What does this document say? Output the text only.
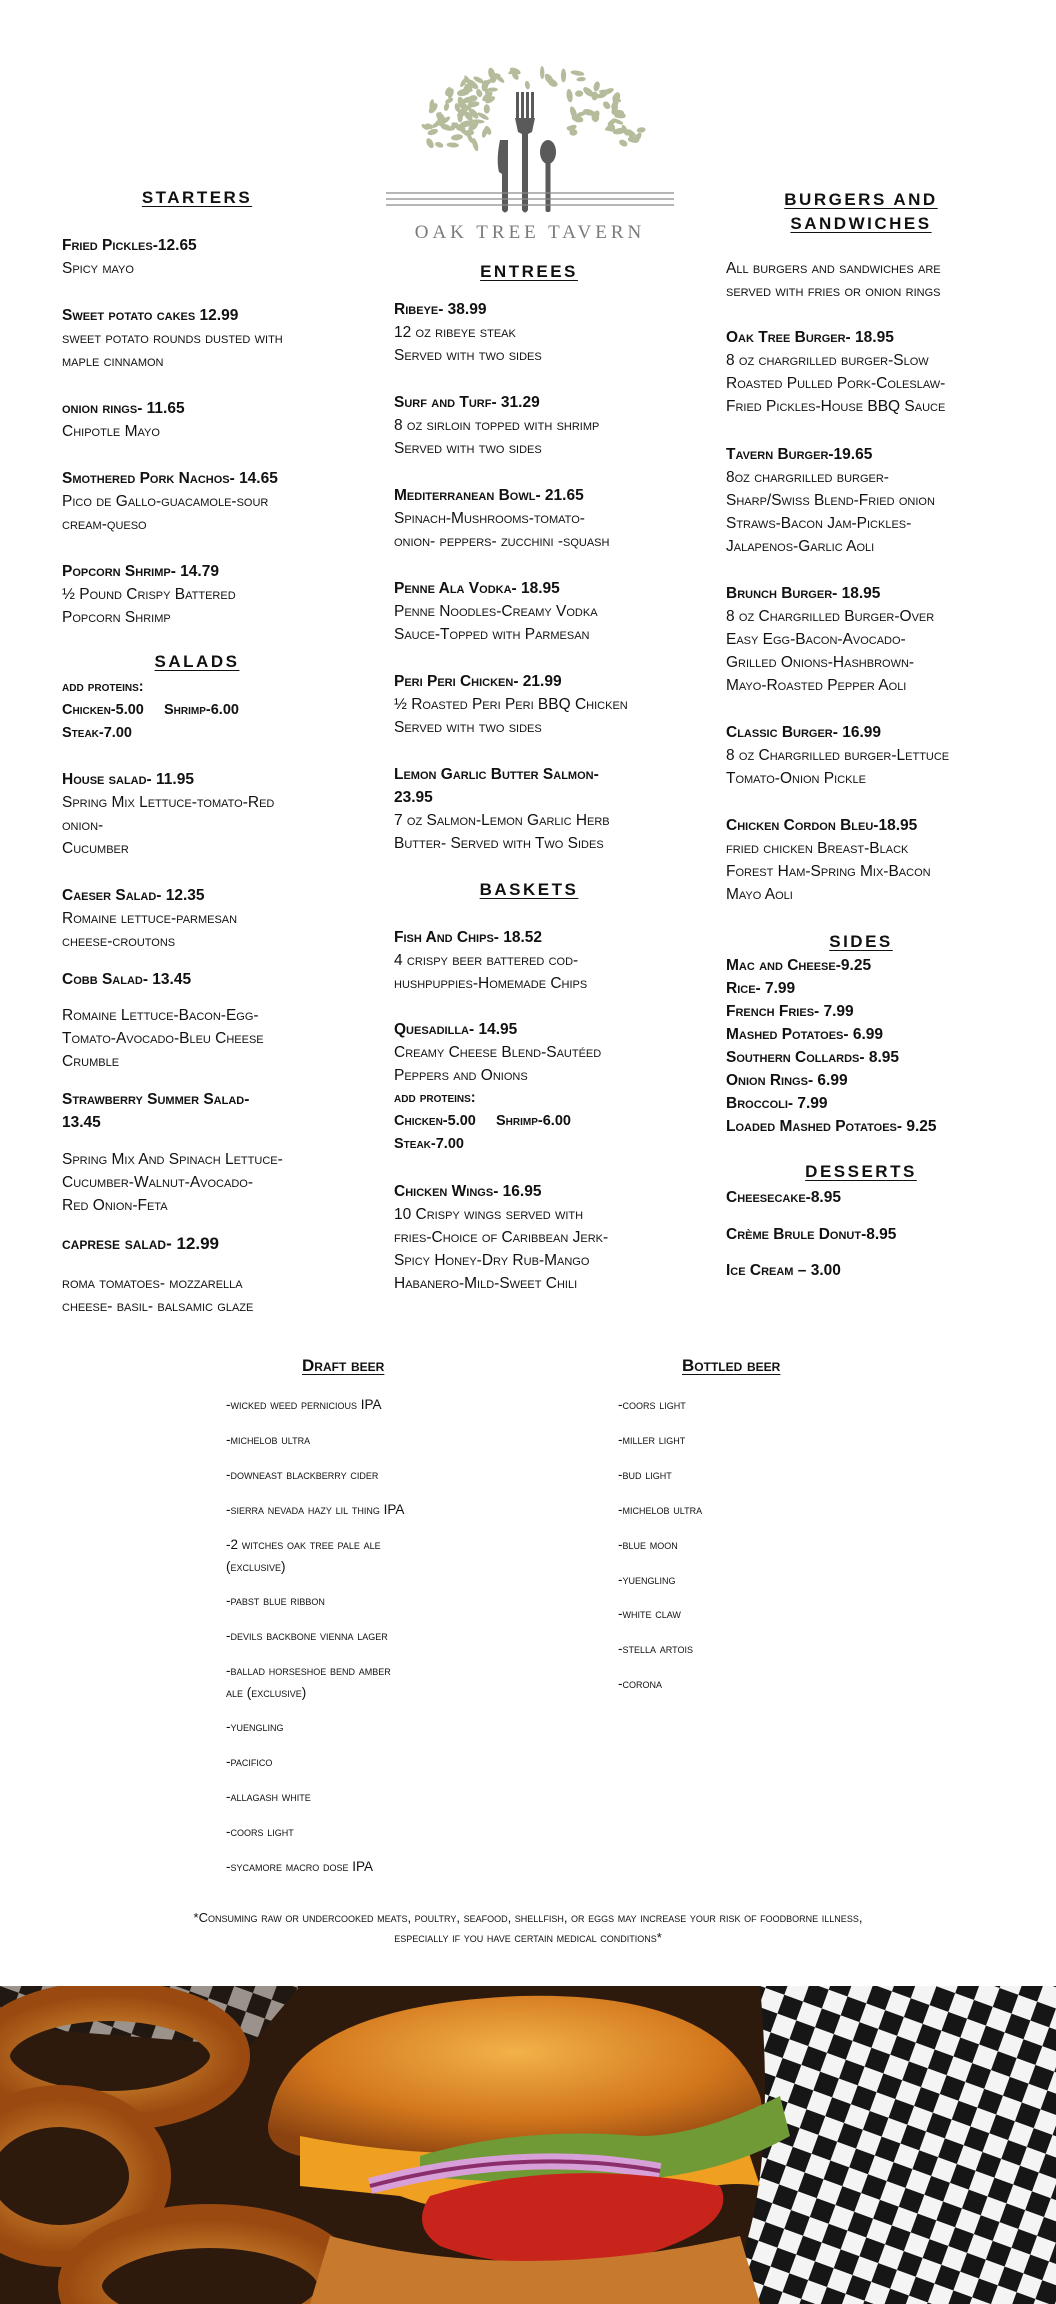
OAK TREE TAVERN
STARTERS
Fried Pickles-12.65
Spicy mayo
Sweet potato cakes 12.99
sweet potato rounds dusted with
maple cinnamon
onion rings- 11.65
Chipotle Mayo
Smothered Pork Nachos- 14.65
Pico de Gallo-guacamole-sour
cream-queso
Popcorn Shrimp- 14.79
½ Pound Crispy Battered
Popcorn Shrimp
SALADS
add proteins:
Chicken-5.00 Shrimp-6.00
Steak-7.00
House salad- 11.95
Spring Mix Lettuce-tomato-Red
onion-
Cucumber
Caeser Salad- 12.35
Romaine lettuce-parmesan
cheese-croutons
Cobb Salad- 13.45
Romaine Lettuce-Bacon-Egg-
Tomato-Avocado-Bleu Cheese
Crumble
Strawberry Summer Salad-
13.45
Spring Mix And Spinach Lettuce-
Cucumber-Walnut-Avocado-
Red Onion-Feta
caprese salad- 12.99
roma tomatoes- mozzarella
cheese- basil- balsamic glaze
ENTREES
Ribeye- 38.99
12 oz ribeye steak
Served with two sides
Surf and Turf- 31.29
8 oz sirloin topped with shrimp
Served with two sides
Mediterranean Bowl- 21.65
Spinach-Mushrooms-tomato-
onion- peppers- zucchini -squash
Penne Ala Vodka- 18.95
Penne Noodles-Creamy Vodka
Sauce-Topped with Parmesan
Peri Peri Chicken- 21.99
½ Roasted Peri Peri BBQ Chicken
Served with two sides
Lemon Garlic Butter Salmon-
23.95
7 oz Salmon-Lemon Garlic Herb
Butter- Served with Two Sides
BASKETS
Fish And Chips- 18.52
4 crispy beer battered cod-
hushpuppies-Homemade Chips
Quesadilla- 14.95
Creamy Cheese Blend-Sautéed
Peppers and Onions
add proteins:
Chicken-5.00 Shrimp-6.00
Steak-7.00
Chicken Wings- 16.95
10 Crispy wings served with
fries-Choice of Caribbean Jerk-
Spicy Honey-Dry Rub-Mango
Habanero-Mild-Sweet Chili
BURGERS AND
SANDWICHES
All burgers and sandwiches are
served with fries or onion rings
Oak Tree Burger- 18.95
8 oz chargrilled burger-Slow
Roasted Pulled Pork-Coleslaw-
Fried Pickles-House BBQ Sauce
Tavern Burger-19.65
8oz chargrilled burger-
Sharp/Swiss Blend-Fried onion
Straws-Bacon Jam-Pickles-
Jalapenos-Garlic Aoli
Brunch Burger- 18.95
8 oz Chargrilled Burger-Over
Easy Egg-Bacon-Avocado-
Grilled Onions-Hashbrown-
Mayo-Roasted Pepper Aoli
Classic Burger- 16.99
8 oz Chargrilled burger-Lettuce
Tomato-Onion Pickle
Chicken Cordon Bleu-18.95
fried chicken Breast-Black
Forest Ham-Spring Mix-Bacon
Mayo Aoli
SIDES
Mac and Cheese-9.25
Rice- 7.99
French Fries- 7.99
Mashed Potatoes- 6.99
Southern Collards- 8.95
Onion Rings- 6.99
Broccoli- 7.99
Loaded Mashed Potatoes- 9.25
DESSERTS
Cheesecake-8.95
Crème Brule Donut-8.95
Ice Cream – 3.00
Draft beer
-wicked weed pernicious IPA
-michelob ultra
-downeast blackberry cider
-sierra nevada hazy lil thing IPA
-2 witches oak tree pale ale
(exclusive)
-pabst blue ribbon
-devils backbone vienna lager
-ballad horseshoe bend amber
ale (exclusive)
-yuengling
-pacifico
-allagash white
-coors light
-sycamore macro dose IPA
Bottled beer
-coors light
-miller light
-bud light
-michelob ultra
-blue moon
-yuengling
-white claw
-stella artois
-corona
*Consuming raw or undercooked meats, poultry, seafood, shellfish, or eggs may increase your risk of foodborne illness,
especially if you have certain medical conditions*
